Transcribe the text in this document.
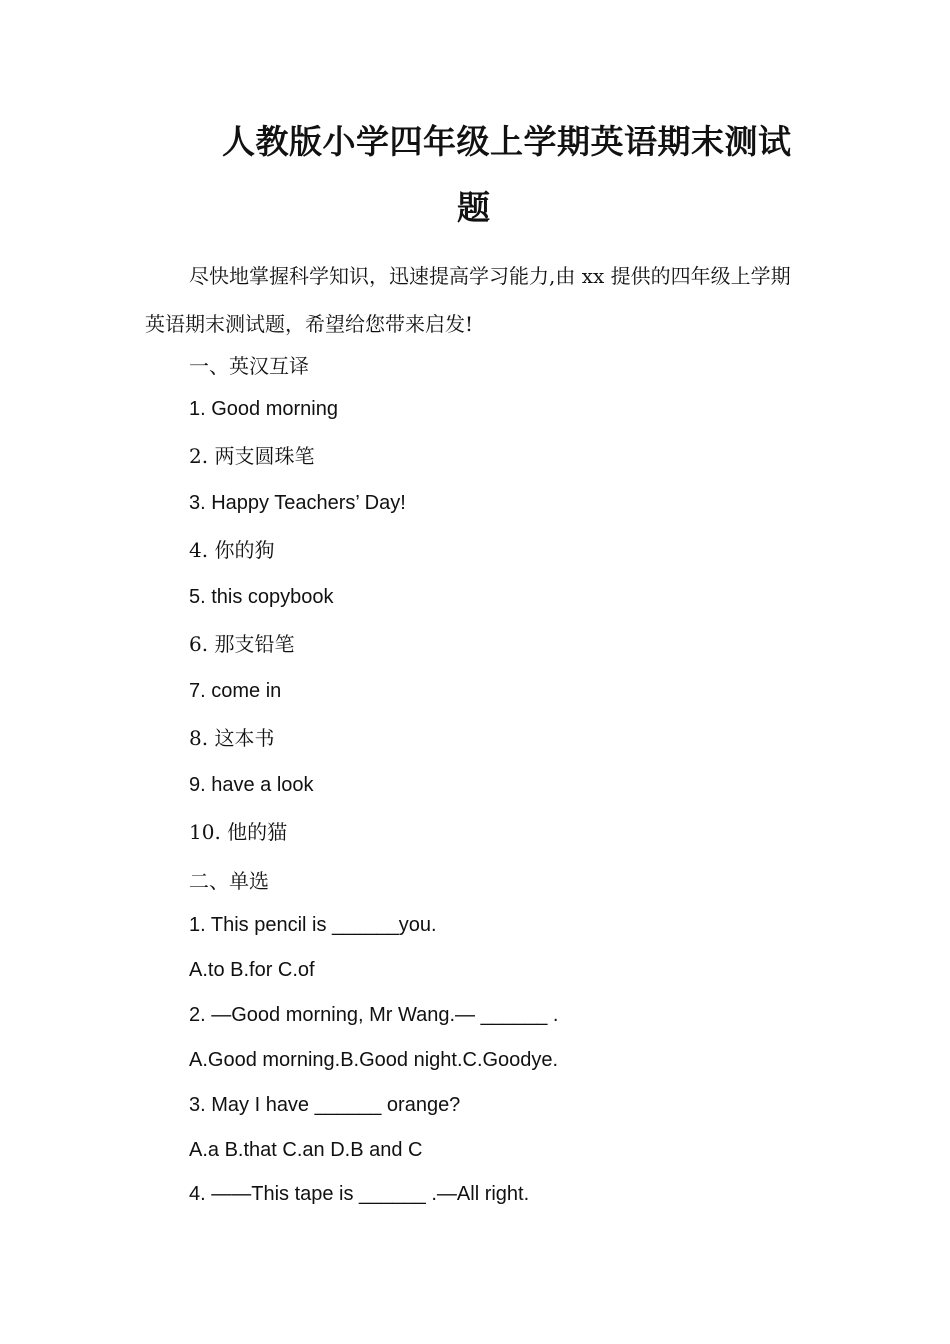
人教版小学四年级上学期英语期末测试
题

尽快地掌握科学知识，迅速提高学习能力,由 xx 提供的四年级上学期英语期末测试题，希望给您带来启发!

一、英汉互译
1. Good morning
2. 两支圆珠笔
3. Happy Teachers’ Day!
4. 你的狗
5. this copybook
6. 那支铅笔
7. come in
8. 这本书
9. have a look
10. 他的猫
二、单选
1. This pencil is ______you.
A.to B.for C.of
2. —Good morning, Mr Wang.— ______ .
A.Good morning.B.Good night.C.Goodye.
3. May I have ______ orange?
A.a B.that C.an D.B and C
4. ——This tape is ______ .—All right.
